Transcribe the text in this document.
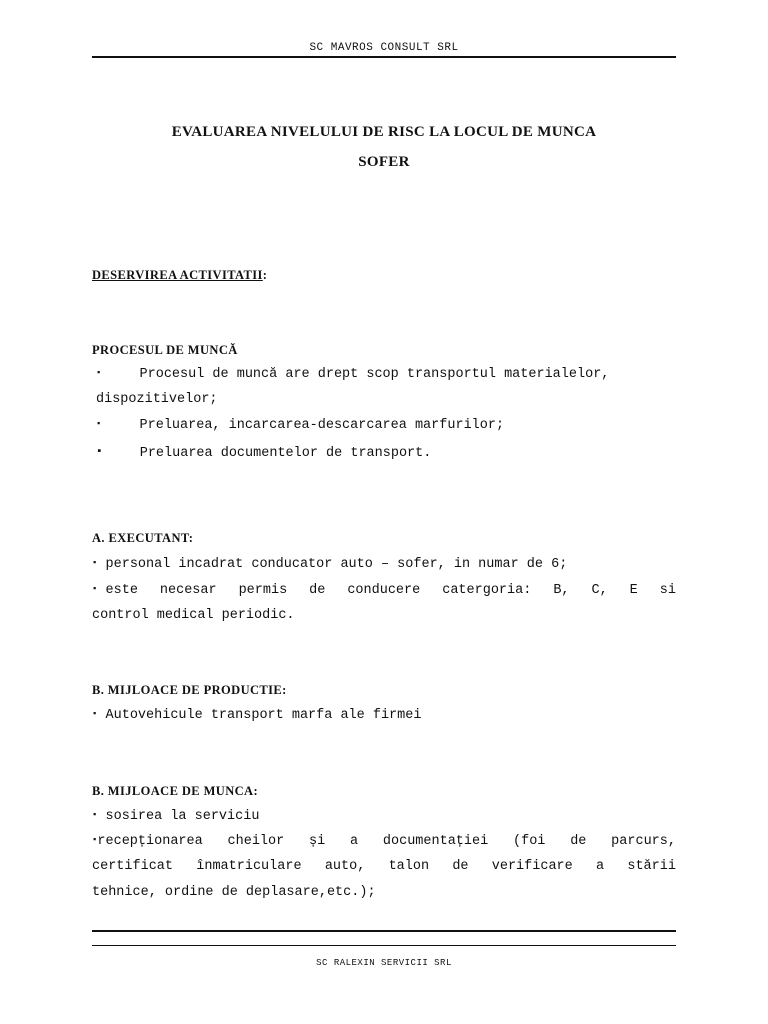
SC MAVROS CONSULT SRL
EVALUAREA NIVELULUI DE RISC LA LOCUL DE MUNCA
SOFER
DESERVIREA ACTIVITATII:
PROCESUL DE MUNCĂ
▪	Procesul de muncă are drept scop transportul materialelor,
dispozitivelor;
▪	Preluarea, incarcarea-descarcarea marfurilor;
▪	Preluarea documentelor de transport.
A. EXECUTANT:
▪ personal incadrat conducator auto – sofer, in numar de 6;
▪ este necesar permis de conducere catergoria: B, C, E si
control medical periodic.
B. MIJLOACE DE PRODUCTIE:
▪ Autovehicule transport marfa ale firmei
B. MIJLOACE DE MUNCA:
▪ sosirea la serviciu
▪recepționarea cheilor și a documentației (foi de parcurs,
certificat înmatriculare auto, talon de verificare a stării
tehnice, ordine de deplasare,etc.);
SC RALEXIN SERVICII SRL
